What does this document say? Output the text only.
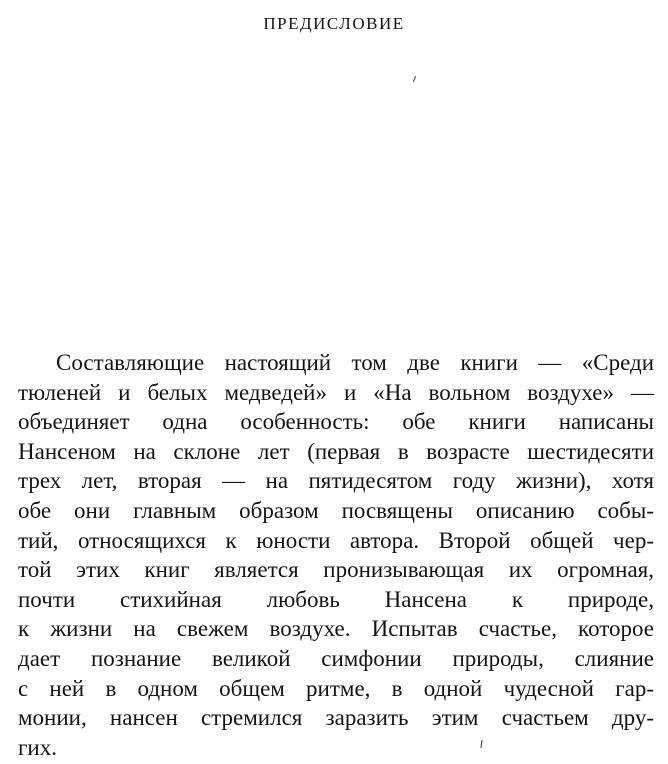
ПРЕДИСЛОВИЕ
Составляющие настоящий том две книги — «Среди
тюленей и белых медведей» и «На вольном воздухе» —
объединяет одна особенность: обе книги написаны
Нансеном на склоне лет (первая в возрасте шестидесяти
трех лет, вторая — на пятидесятом году жизни), хотя
обе они главным образом посвящены описанию собы-
тий, относящихся к юности автора. Второй общей чер-
той этих книг является пронизывающая их огромная,
почти стихийная любовь Нансена к природе,
к жизни на свежем воздухе. Испытав счастье, которое
дает познание великой симфонии природы, слияние
с ней в одном общем ритме, в одной чудесной гар-
монии, нансен стремился заразить этим счастьем дру-
гих.
